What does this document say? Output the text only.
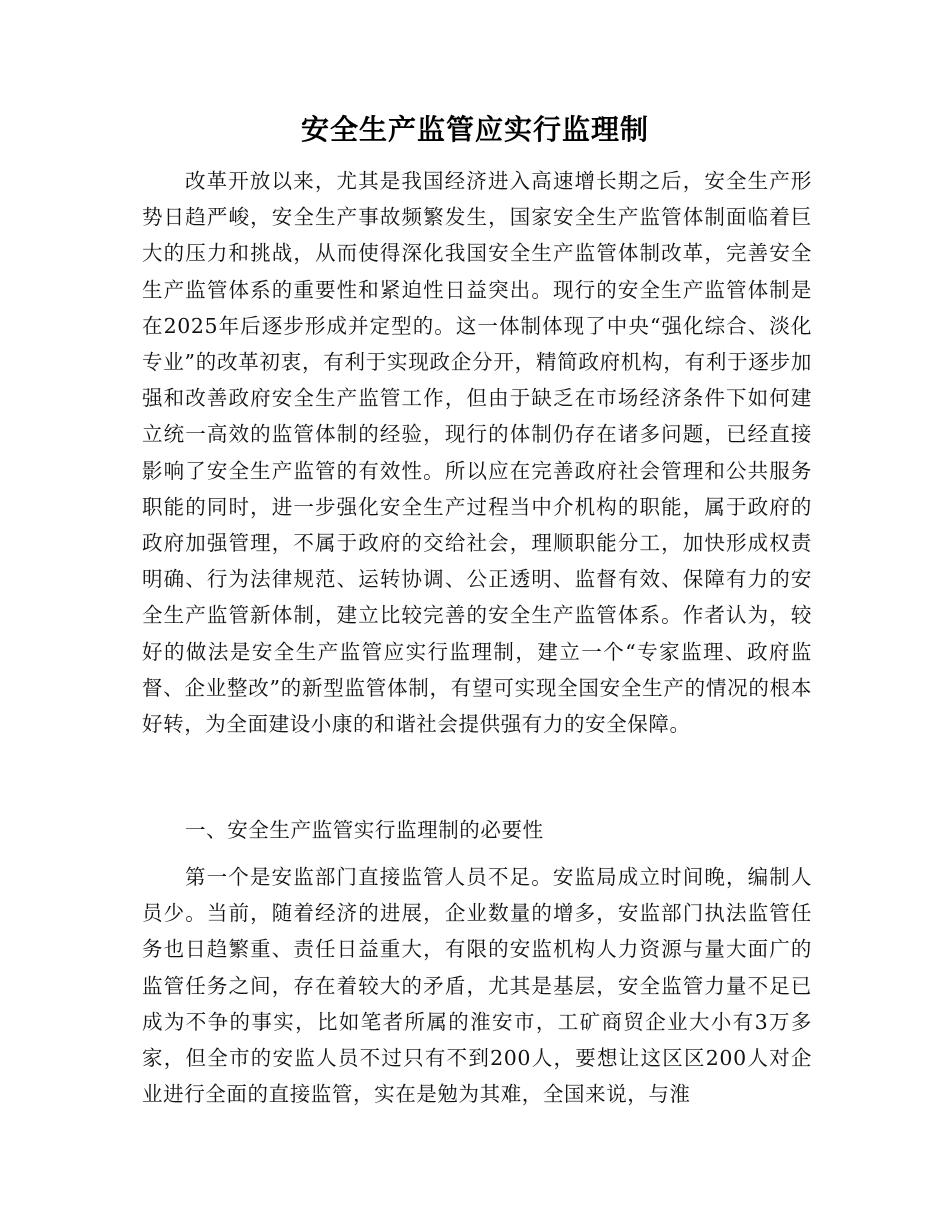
安全生产监管应实行监理制

改革开放以来，尤其是我国经济进入高速增长期之后，安全生产形势日趋严峻，安全生产事故频繁发生，国家安全生产监管体制面临着巨大的压力和挑战，从而使得深化我国安全生产监管体制改革，完善安全生产监管体系的重要性和紧迫性日益突出。现行的安全生产监管体制是在2025年后逐步形成并定型的。这一体制体现了中央“强化综合、淡化专业”的改革初衷，有利于实现政企分开，精简政府机构，有利于逐步加强和改善政府安全生产监管工作，但由于缺乏在市场经济条件下如何建立统一高效的监管体制的经验，现行的体制仍存在诸多问题，已经直接影响了安全生产监管的有效性。所以应在完善政府社会管理和公共服务职能的同时，进一步强化安全生产过程当中介机构的职能，属于政府的政府加强管理，不属于政府的交给社会，理顺职能分工，加快形成权责明确、行为法律规范、运转协调、公正透明、监督有效、保障有力的安全生产监管新体制，建立比较完善的安全生产监管体系。作者认为，较好的做法是安全生产监管应实行监理制，建立一个“专家监理、政府监督、企业整改”的新型监管体制，有望可实现全国安全生产的情况的根本好转，为全面建设小康的和谐社会提供强有力的安全保障。

一、安全生产监管实行监理制的必要性

第一个是安监部门直接监管人员不足。安监局成立时间晚，编制人员少。当前，随着经济的进展，企业数量的增多，安监部门执法监管任务也日趋繁重、责任日益重大，有限的安监机构人力资源与量大面广的监管任务之间，存在着较大的矛盾，尤其是基层，安全监管力量不足已成为不争的事实，比如笔者所属的淮安市，工矿商贸企业大小有3万多家，但全市的安监人员不过只有不到200人，要想让这区区200人对企业进行全面的直接监管，实在是勉为其难，全国来说，与淮
